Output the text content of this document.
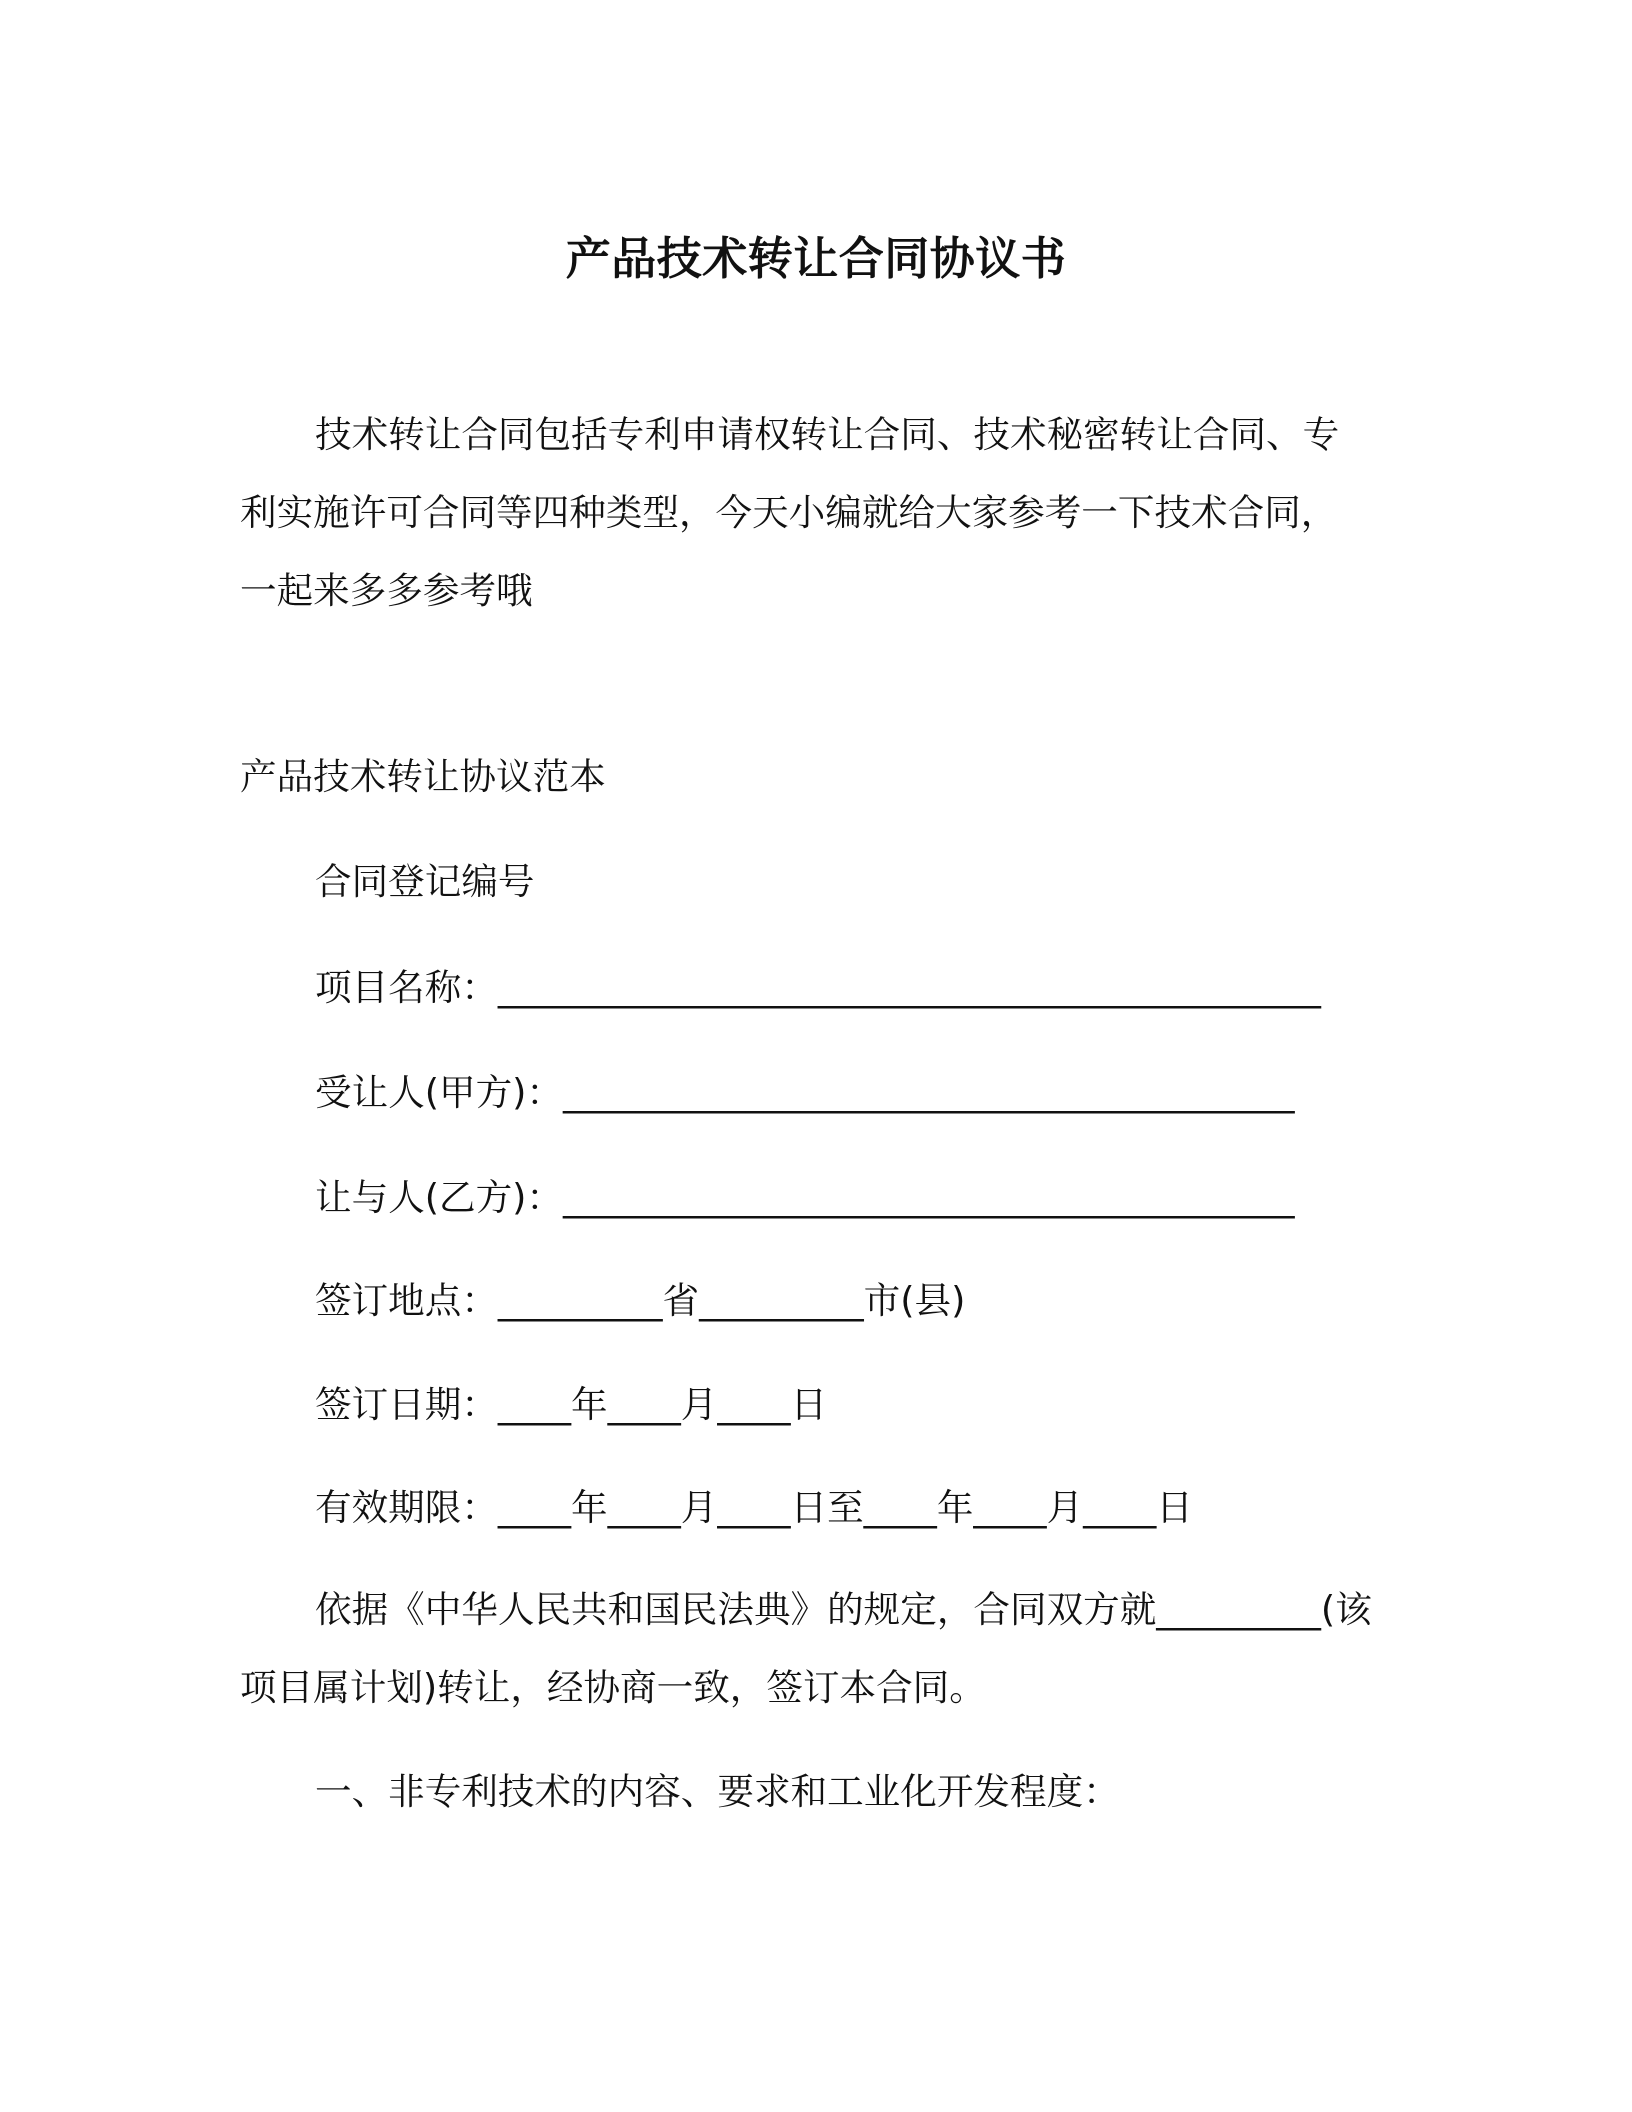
产品技术转让合同协议书

技术转让合同包括专利申请权转让合同、技术秘密转让合同、专利实施许可合同等四种类型，今天小编就给大家参考一下技术合同，一起来多多参考哦

产品技术转让协议范本

合同登记编号

项目名称：_____________________________________________

受让人(甲方)：________________________________________

让与人(乙方)：________________________________________

签订地点：_________省_________市(县)

签订日期：____年____月____日

有效期限：____年____月____日至____年____月____日

依据《中华人民共和国民法典》的规定，合同双方就_________(该项目属计划)转让，经协商一致，签订本合同。

一、非专利技术的内容、要求和工业化开发程度：
